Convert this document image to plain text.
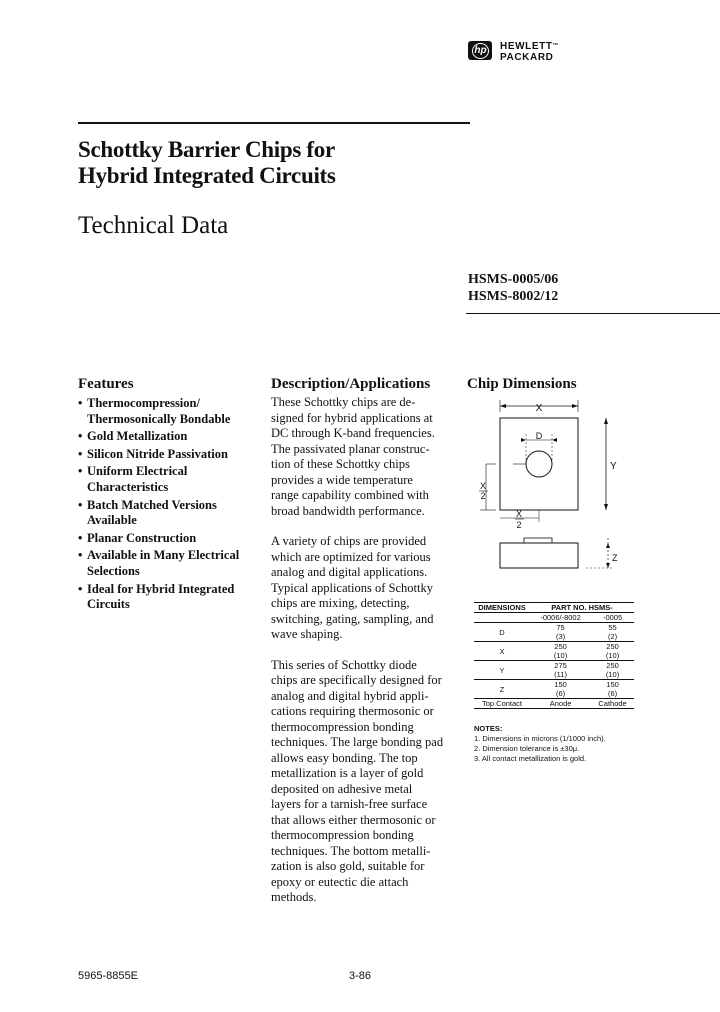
hp HEWLETT™
PACKARD
Schottky Barrier Chips for
Hybrid Integrated Circuits
Technical Data
HSMS-0005/06
HSMS-8002/12
Features
• Thermocompression/
Thermosonically Bondable
• Gold Metallization
• Silicon Nitride Passivation
• Uniform Electrical
Characteristics
• Batch Matched Versions
Available
• Planar Construction
• Available in Many Electrical
Selections
• Ideal for Hybrid Integrated
Circuits
Description/Applications

These Schottky chips are de-
signed for hybrid applications at
DC through K-band frequencies.
The passivated planar construc-
tion of these Schottky chips
provides a wide temperature
range capability combined with
broad bandwidth performance.

A variety of chips are provided
which are optimized for various
analog and digital applications.
Typical applications of Schottky
chips are mixing, detecting,
switching, gating, sampling, and
wave shaping.

This series of Schottky diode
chips are specifically designed for
analog and digital hybrid appli-
cations requiring thermosonic or
thermocompression bonding
techniques. The large bonding pad
allows easy bonding. The top
metallization is a layer of gold
deposited on adhesive metal
layers for a tarnish-free surface
that allows either thermosonic or
thermocompression bonding
techniques. The bottom metalli-
zation is also gold, suitable for
epoxy or eutectic die attach
methods.

Chip Dimensions
X
D
Y
X
2
X
2
Z
DIMENSIONS	PART NO. HSMS-	
	-0006/-8002	-0005
D	75	55
	(3)	(2)
X	250	250
	(10)	(10)
Y	275	250
	(11)	(10)
Z	150	150
	(6)	(6)
Top Contact	Anode	Cathode
NOTES:
1. Dimensions in microns (1/1000 inch).
2. Dimension tolerance is ±30μ.
3. All contact metallization is gold.
5965-8855E	3-86
